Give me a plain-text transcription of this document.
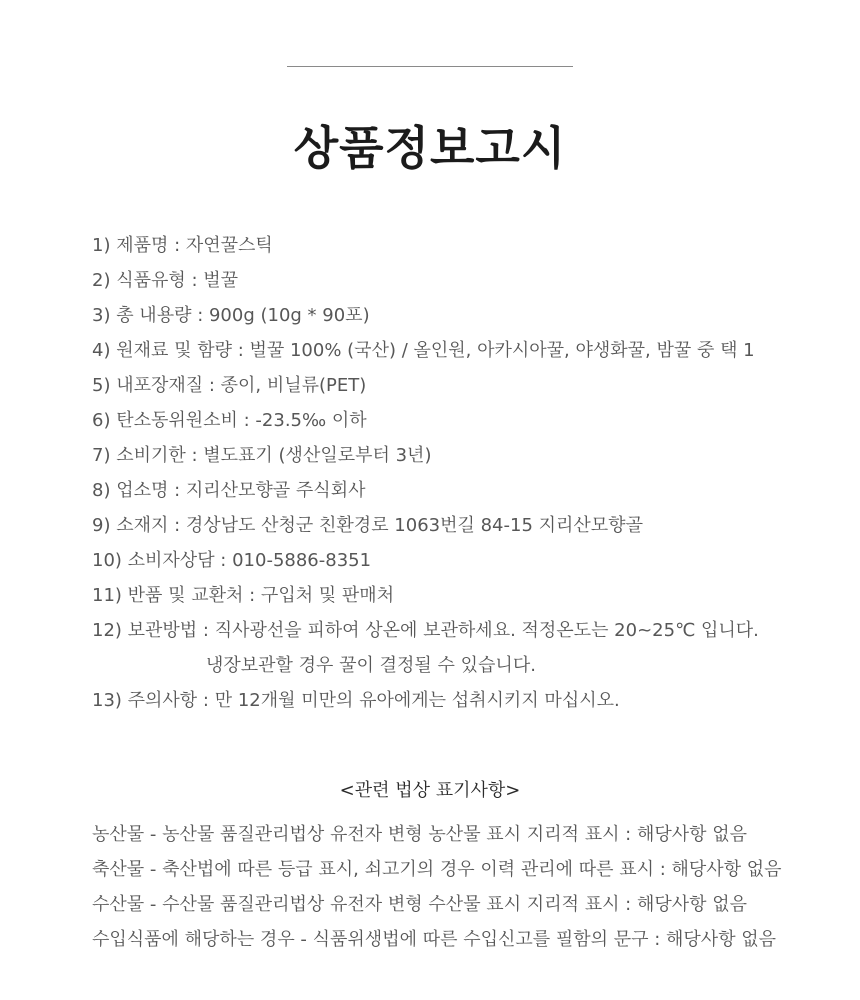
상품정보고시
1) 제품명 : 자연꿀스틱
2) 식품유형 : 벌꿀
3) 총 내용량 : 900g (10g * 90포)
4) 원재료 및 함량 : 벌꿀 100% (국산) / 올인원, 아카시아꿀, 야생화꿀, 밤꿀 중 택 1
5) 내포장재질 : 종이, 비닐류(PET)
6) 탄소동위원소비 : -23.5‰ 이하
7) 소비기한 : 별도표기 (생산일로부터 3년)
8) 업소명 : 지리산모향골 주식회사
9) 소재지 : 경상남도 산청군 친환경로 1063번길 84-15 지리산모향골
10) 소비자상담 : 010-5886-8351
11) 반품 및 교환처 : 구입처 및 판매처
12) 보관방법 : 직사광선을 피하여 상온에 보관하세요. 적정온도는 20~25℃ 입니다.
냉장보관할 경우 꿀이 결정될 수 있습니다.
13) 주의사항 : 만 12개월 미만의 유아에게는 섭취시키지 마십시오.
<관련 법상 표기사항>
농산물 - 농산물 품질관리법상 유전자 변형 농산물 표시 지리적 표시 : 해당사항 없음
축산물 - 축산법에 따른 등급 표시, 쇠고기의 경우 이력 관리에 따른 표시 : 해당사항 없음
수산물 - 수산물 품질관리법상 유전자 변형 수산물 표시 지리적 표시 : 해당사항 없음
수입식품에 해당하는 경우 - 식품위생법에 따른 수입신고를 필함의 문구 : 해당사항 없음
